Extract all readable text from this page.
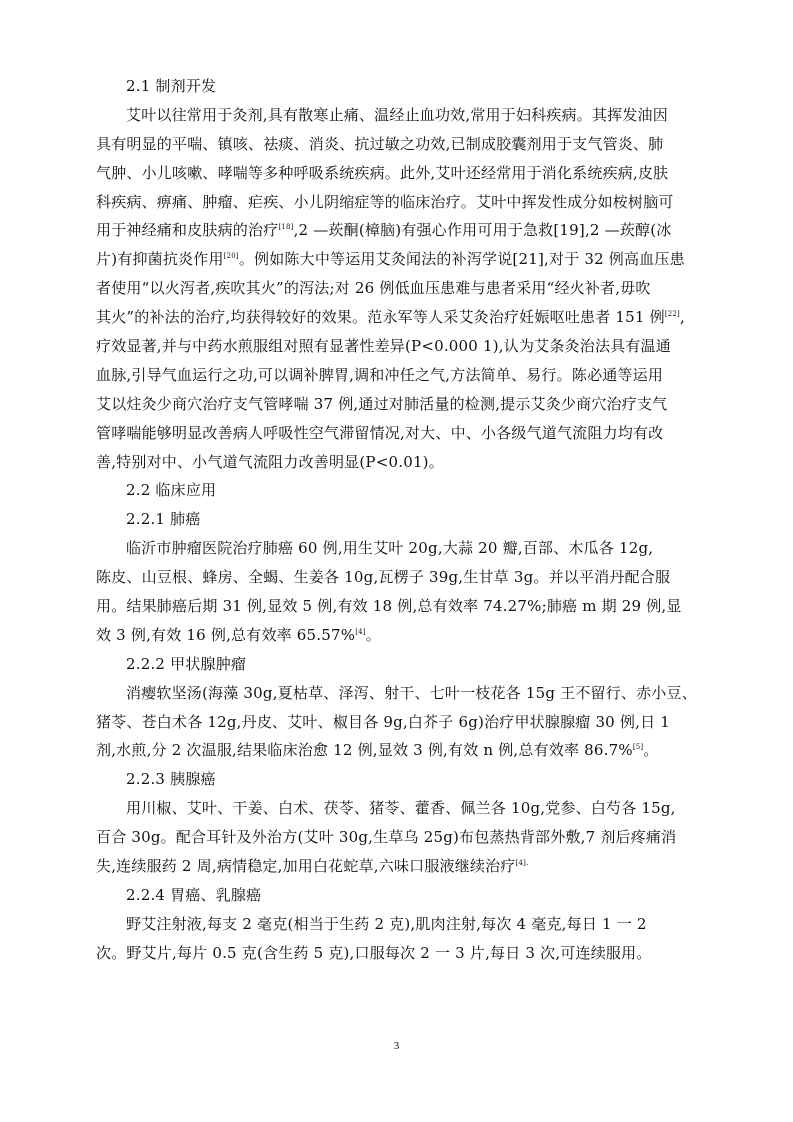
2.1 制剂开发
艾叶以往常用于灸剂,具有散寒止痛、温经止血功效,常用于妇科疾病。其挥发油因
具有明显的平喘、镇咳、祛痰、消炎、抗过敏之功效,已制成胶囊剂用于支气管炎、肺
气肿、小儿咳嗽、哮喘等多种呼吸系统疾病。此外,艾叶还经常用于消化系统疾病,皮肤
科疾病、痹痛、肿瘤、疟疾、小儿阴缩症等的临床治疗。艾叶中挥发性成分如桉树脑可
用于神经痛和皮肤病的治疗[18],2 —莰酮(樟脑)有强心作用可用于急救[19],2 —莰醇(冰
片)有抑菌抗炎作用[20]。例如陈大中等运用艾灸闻法的补泻学说[21],对于 32 例高血压患
者使用“以火泻者,疾吹其火”的泻法;对 26 例低血压患难与患者采用“经火补者,毋吹
其火”的补法的治疗,均获得较好的效果。范永军等人采艾灸治疗妊娠呕吐患者 151 例[22],
疗效显著,并与中药水煎服组对照有显著性差异(P<0.000 1),认为艾条灸治法具有温通
血脉,引导气血运行之功,可以调补脾胃,调和冲任之气,方法简单、易行。陈必通等运用
艾以炷灸少商穴治疗支气管哮喘 37 例,通过对肺活量的检测,提示艾灸少商穴治疗支气
管哮喘能够明显改善病人呼吸性空气滞留情况,对大、中、小各级气道气流阻力均有改
善,特别对中、小气道气流阻力改善明显(P<0.01)。
2.2 临床应用
2.2.1 肺癌
临沂市肿瘤医院治疗肺癌 60 例,用生艾叶 20g,大蒜 20 瓣,百部、木瓜各 12g,
陈皮、山豆根、蜂房、全蝎、生姜各 10g,瓦楞子 39g,生甘草 3g。并以平消丹配合服
用。结果肺癌后期 31 例,显效 5 例,有效 18 例,总有效率 74.27%;肺癌 m 期 29 例,显
效 3 例,有效 16 例,总有效率 65.57%[4]。
2.2.2 甲状腺肿瘤
消瘿软坚汤(海藻 30g,夏枯草、泽泻、射干、七叶一枝花各 15g 王不留行、赤小豆、
猪苓、苍白术各 12g,丹皮、艾叶、椒目各 9g,白芥子 6g)治疗甲状腺腺瘤 30 例,日 1
剂,水煎,分 2 次温服,结果临床治愈 12 例,显效 3 例,有效 n 例,总有效率 86.7%[5]。
2.2.3 胰腺癌
用川椒、艾叶、干姜、白术、茯苓、猪苓、藿香、佩兰各 10g,党参、白芍各 15g,
百合 30g。配合耳针及外治方(艾叶 30g,生草乌 25g)布包蒸热背部外敷,7 剂后疼痛消
失,连续服药 2 周,病情稳定,加用白花蛇草,六味口服液继续治疗$^{[4].}$
2.2.4 胃癌、乳腺癌
野艾注射液,每支 2 毫克(相当于生药 2 克),肌肉注射,每次 4 毫克,每日 1 一 2
次。野艾片,每片 0.5 克(含生药 5 克),口服每次 2 一 3 片,每日 3 次,可连续服用。
3
